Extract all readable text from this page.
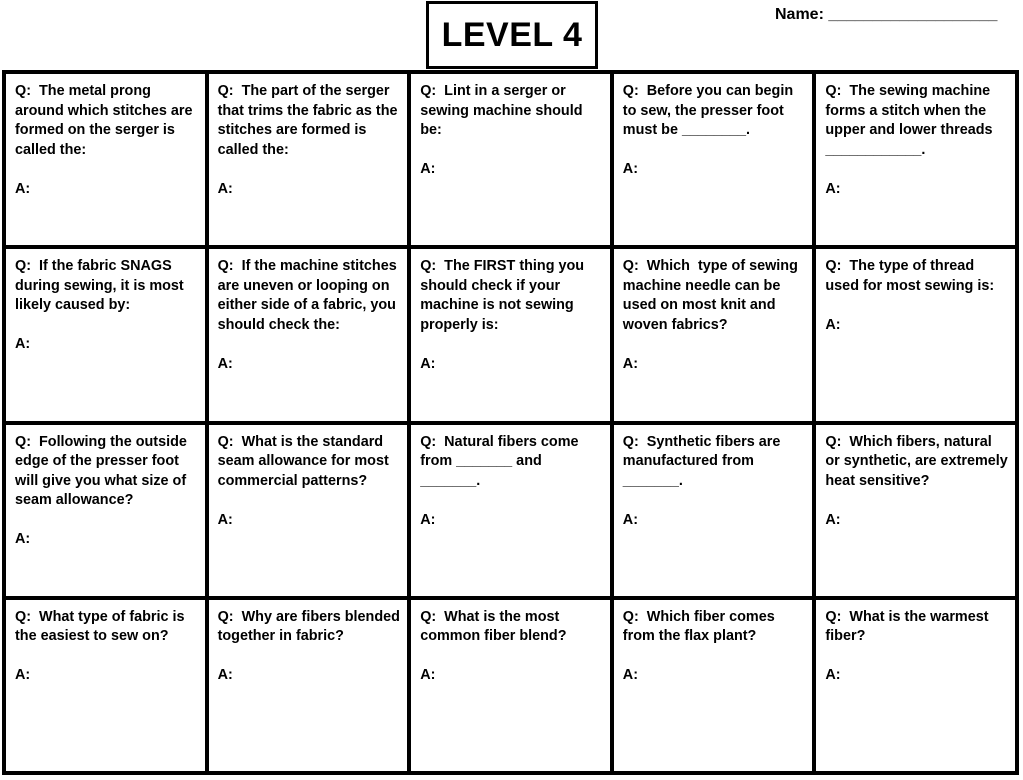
LEVEL 4
Name: ___________________
Q:  The metal prong around which stitches are formed on the serger is called the:
A:
Q:  The part of the serger that trims the fabric as the stitches are formed is called the:
A:
Q:  Lint in a serger or sewing machine should be:
A:
Q:  Before you can begin to sew, the presser foot must be ________.
A:
Q:  The sewing machine forms a stitch when the upper and lower threads ____________.
A:
Q:  If the fabric SNAGS during sewing, it is most likely caused by:
A:
Q:  If the machine stitches are uneven or looping on either side of a fabric, you should check the:
A:
Q:  The FIRST thing you should check if your machine is not sewing properly is:
A:
Q:  Which  type of sewing machine needle can be used on most knit and woven fabrics?
A:
Q:  The type of thread used for most sewing is:
A:
Q:  Following the outside edge of the presser foot will give you what size of seam allowance?
A:
Q:  What is the standard seam allowance for most commercial patterns?
A:
Q:  Natural fibers come from _______ and _______.
A:
Q:  Synthetic fibers are manufactured from _______.
A:
Q:  Which fibers, natural or synthetic, are extremely heat sensitive?
A:
Q:  What type of fabric is the easiest to sew on?
A:
Q:  Why are fibers blended together in fabric?
A:
Q:  What is the most common fiber blend?
A:
Q:  Which fiber comes from the flax plant?
A:
Q:  What is the warmest fiber?
A:
